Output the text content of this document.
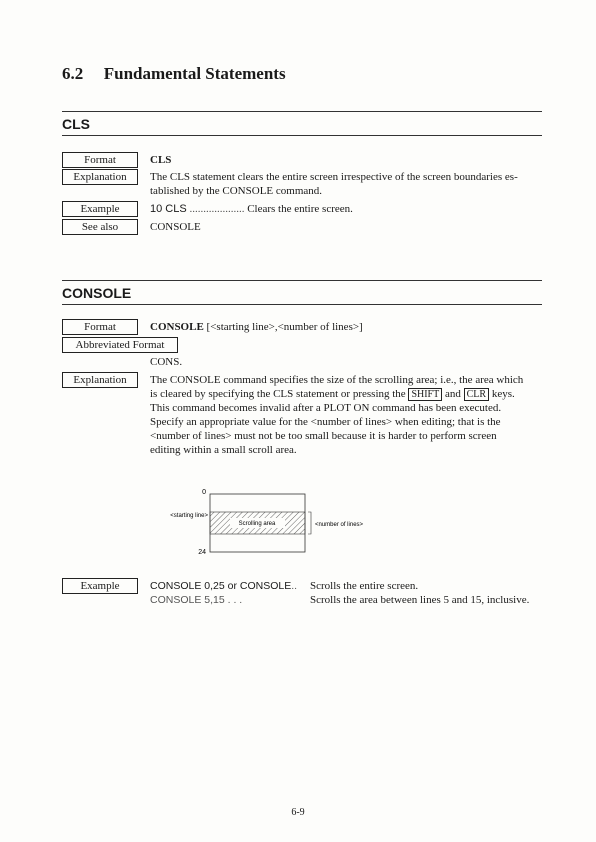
6.2 Fundamental Statements
CLS
Format	CLS
Explanation	The CLS statement clears the entire screen irrespective of the screen boundaries es-
tablished by the CONSOLE command.
Example	10 CLS .................... Clears the entire screen.
See also	CONSOLE
CONSOLE
Format	CONSOLE [<starting line>,<number of lines>]
Abbreviated Format
CONS.
Explanation	The CONSOLE command specifies the size of the scrolling area; i.e., the area which
is cleared by specifying the CLS statement or pressing the SHIFT and CLR keys.
This command becomes invalid after a PLOT ON command has been executed.
Specify an appropriate value for the <number of lines> when editing; that is the
<number of lines> must not be too small because it is harder to perform screen
editing within a small scroll area.
0
24
<starting line>
Scrolling area	<number of lines>
Example	CONSOLE 0,25 or CONSOLE.. Scrolls the entire screen.
CONSOLE 5,15 . . .	Scrolls the area between lines 5 and 15, inclusive.
6-9
